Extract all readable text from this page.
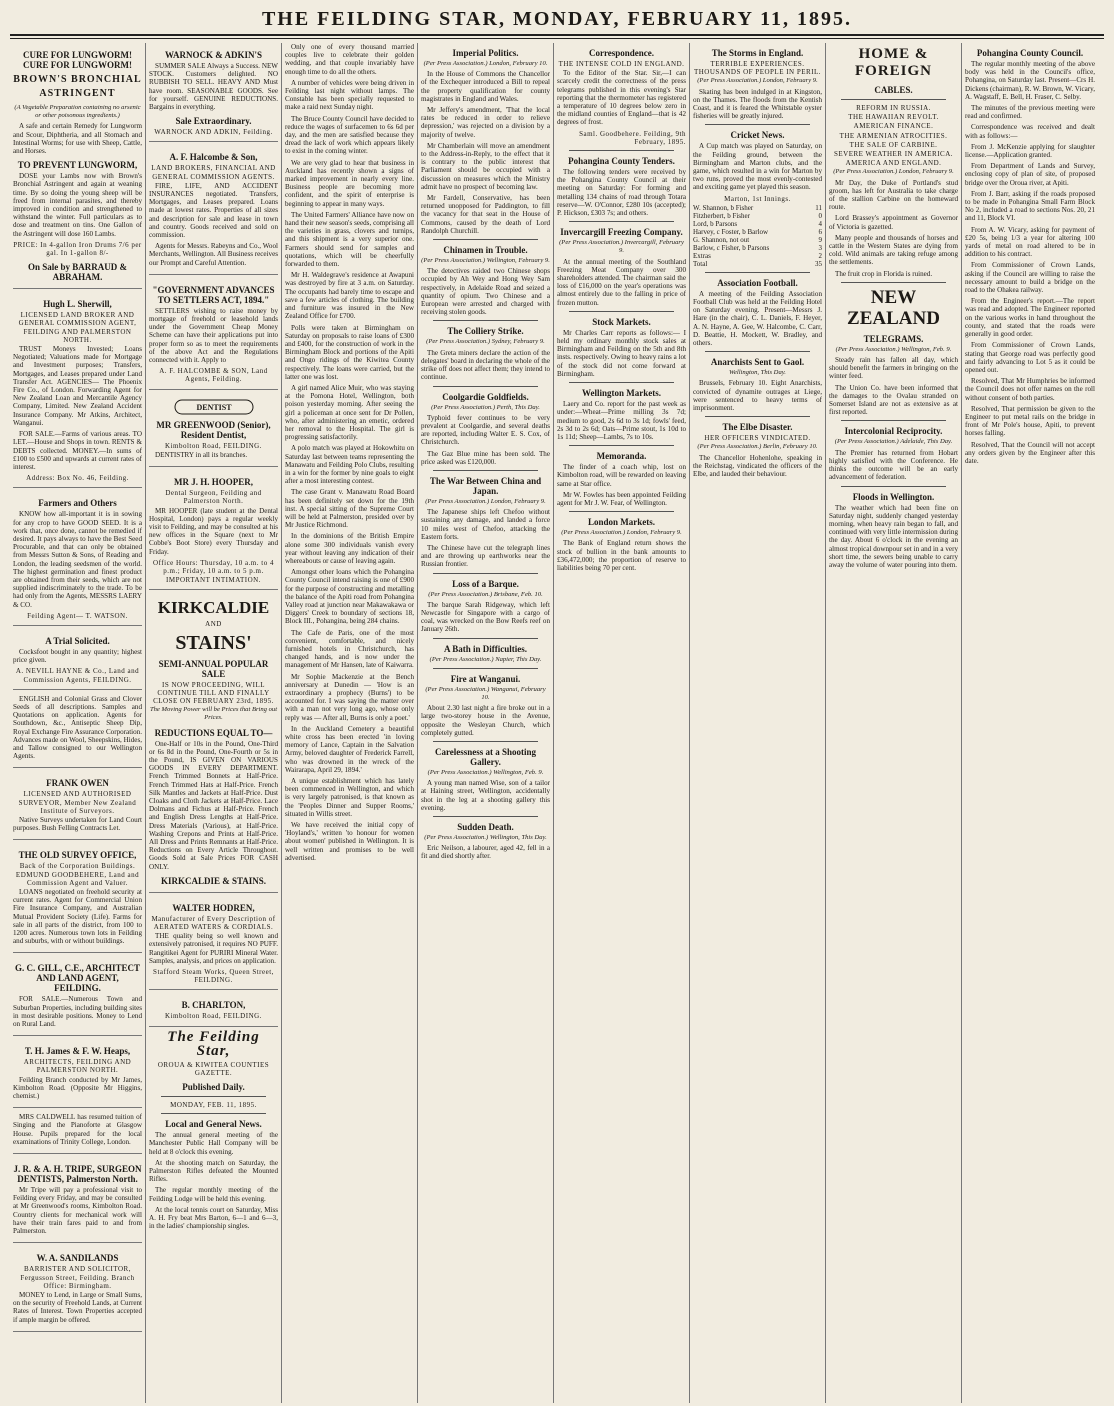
THE FEILDING STAR, MONDAY, FEBRUARY 11, 1895.
CURE FOR LUNGWORM! CURE FOR LUNGWORM!
BROWN'S BRONCHIAL ASTRINGENT
(A Vegetable Preparation containing no arsenic or other poisonous ingredients.)

A safe and certain Remedy for Lungworm and Scour, Diphtheria, and all Stomach and Intestinal Worms; for use with Sheep, Cattle, and Horses.

TO PREVENT LUNGWORM,

DOSE your Lambs now with Brown's Bronchial Astringent and again at weaning time. By so doing the young sheep will be freed from internal parasites, and thereby improved in condition and strengthened to withstand the winter. Full particulars as to dose and treatment on tins. One Gallon of the Astringent will dose 160 Lambs.

PRICE: In 4-gallon Iron Drums 7/6 per gal. In 1-gallon 8/-
On Sale by BARRAUD & ABRAHAM.
Hugh L. Sherwill,
LICENSED LAND BROKER AND GENERAL COMMISSION AGENT, FEILDING AND PALMERSTON NORTH.

TRUST Moneys Invested; Loans Negotiated; Valuations made for Mortgage and Investment purposes; Transfers, Mortgages, and Leases prepared under Land Transfer Act. AGENCIES— The Phoenix Fire Co., of London. Forwarding Agent for New Zealand Loan and Mercantile Agency Company, Limited. New Zealand Accident Insurance Company. Mr Atkins, Architect, Wanganui.

FOR SALE.—Farms of various areas. TO LET.—House and Shops in town. RENTS & DEBTS collected. MONEY.—In sums of £100 to £500 and upwards at current rates of interest.

Address: Box No. 46, Feilding.
Farmers and Others

KNOW how all-important it is in sowing for any crop to have GOOD SEED. It is a work that, once done, cannot be remedied if desired. It pays always to have the Best Seed Procurable, and that can only be obtained from Messrs Sutton & Sons, of Reading and London, the leading seedsmen of the world. The highest germination and finest product are obtained from their seeds, which are not supplied indiscriminately to the trade. To be had only from the Agents, MESSRS LAERY & CO.

Feilding Agent— T. WATSON.
A Trial Solicited.

Cocksfoot bought in any quantity; highest price given.

A. NEVILL HAYNE & Co., Land and Commission Agents, FEILDING.

ENGLISH and Colonial Grass and Clover Seeds of all descriptions. Samples and Quotations on application. Agents for Southdown, &c., Antiseptic Sheep Dip, Royal Exchange Fire Assurance Corporation. Advances made on Wool, Sheepskins, Hides, and Tallow consigned to our Wellington Agents.

FRANK OWEN
LICENSED AND AUTHORISED SURVEYOR, Member New Zealand Institute of Surveyors.

Native Surveys undertaken for Land Court purposes. Bush Felling Contracts Let.

THE OLD SURVEY OFFICE,
Back of the Corporation Buildings. EDMUND GOODBEHERE, Land and Commission Agent and Valuer.

LOANS negotiated on freehold security at current rates. Agent for Commercial Union Fire Insurance Company, and Australian Mutual Provident Society (Life). Farms for sale in all parts of the district, from 100 to 1200 acres. Numerous town lots in Feilding and suburbs, with or without buildings.

G. C. GILL, C.E., ARCHITECT AND LAND AGENT, FEILDING.

FOR SALE.—Numerous Town and Suburban Properties, including building sites in most desirable positions. Money to Lend on Rural Land.

T. H. James & F. W. Heaps,
ARCHITECTS, FEILDING AND PALMERSTON NORTH.

Feilding Branch conducted by Mr James, Kimbolton Road. (Opposite Mr Higgins, chemist.)

MRS CALDWELL has resumed tuition of Singing and the Pianoforte at Glasgow House. Pupils prepared for the local examinations of Trinity College, London.

J. R. & A. H. TRIPE, SURGEON DENTISTS, Palmerston North.

Mr Tripe will pay a professional visit to Feilding every Friday, and may be consulted at Mr Greenwood's rooms, Kimbolton Road. Country clients for mechanical work will have their train fares paid to and from Palmerston.

W. A. SANDILANDS
BARRISTER AND SOLICITOR, Fergusson Street, Feilding. Branch Office: Birmingham.

MONEY to Lend, in Large or Small Sums, on the security of Freehold Lands, at Current Rates of Interest. Town Properties accepted if ample margin be offered.

WARNOCK & ADKIN'S

SUMMER SALE Always a Success. NEW STOCK. Customers delighted. NO RUBBISH TO SELL. HEAVY AND Must have room. SEASONABLE GOODS. See for yourself. GENUINE REDUCTIONS. Bargains in everything.

Sale Extraordinary.
WARNOCK AND ADKIN, Feilding.
A. F. Halcombe & Son,
LAND BROKERS, FINANCIAL AND GENERAL COMMISSION AGENTS.

FIRE, LIFE, AND ACCIDENT INSURANCES negotiated. Transfers, Mortgages, and Leases prepared. Loans made at lowest rates. Properties of all sizes and description for sale and lease in town and country. Goods received and sold on commission.

Agents for Messrs. Rabeyns and Co., Wool Merchants, Wellington. All Business receives our Prompt and Careful Attention.

"GOVERNMENT ADVANCES TO SETTLERS ACT, 1894."

SETTLERS wishing to raise money by mortgage of freehold or leasehold lands under the Government Cheap Money Scheme can have their applications put into proper form so as to meet the requirements of the above Act and the Regulations connected with it. Apply to

A. F. HALCOMBE & SON, Land Agents, Feilding.
DENTIST
MR GREENWOOD (Senior), Resident Dentist,
Kimbolton Road, FEILDING.

DENTISTRY in all its branches.

MR J. H. HOOPER,
Dental Surgeon, Feilding and Palmerston North.

MR HOOPER (late student at the Dental Hospital, London) pays a regular weekly visit to Feilding, and may be consulted at his new offices in the Square (next to Mr Cobbe's Boot Store) every Thursday and Friday.

Office Hours: Thursday, 10 a.m. to 4 p.m.; Friday, 10 a.m. to 5 p.m.
IMPORTANT INTIMATION.
KIRKCALDIE
AND
STAINS'
SEMI-ANNUAL POPULAR SALE
IS NOW PROCEEDING, WILL CONTINUE TILL AND FINALLY CLOSE ON FEBRUARY 23rd, 1895.
The Moving Power will be Prices that Bring out Prices.
REDUCTIONS EQUAL TO—

One-Half or 10s in the Pound, One-Third or 6s 8d in the Pound, One-Fourth or 5s in the Pound, IS GIVEN ON VARIOUS GOODS IN EVERY DEPARTMENT. French Trimmed Bonnets at Half-Price. French Trimmed Hats at Half-Price. French Silk Mantles and Jackets at Half-Price. Dust Cloaks and Cloth Jackets at Half-Price. Lace Dolmans and Fichus at Half-Price. French and English Dress Lengths at Half-Price. Dress Materials (Various), at Half-Price. Washing Crepons and Prints at Half-Price. All Dress and Prints Remnants at Half-Price. Reductions on Every Article Throughout. Goods Sold at Sale Prices FOR CASH ONLY.

KIRKCALDIE & STAINS.
WALTER HODREN,
Manufacturer of Every Description of AERATED WATERS & CORDIALS.

THE quality being so well known and extensively patronised, it requires NO PUFF. Rangitikei Agent for PURIRI Mineral Water. Samples, analysis, and prices on application.

Stafford Steam Works, Queen Street, FEILDING.
B. CHARLTON,
Kimbolton Road, FEILDING.
The Feilding Star,
OROUA & KIWITEA COUNTIES GAZETTE.
Published Daily.
MONDAY, FEB. 11, 1895.
Local and General News.

The annual general meeting of the Manchester Public Hall Company will be held at 8 o'clock this evening.

At the shooting match on Saturday, the Palmerston Rifles defeated the Mounted Rifles.

The regular monthly meeting of the Feilding Lodge will be held this evening.

At the local tennis court on Saturday, Miss A. H. Fry beat Mrs Barton, 6—1 and 6—3, in the ladies' championship singles.

Only one of every thousand married couples live to celebrate their golden wedding, and that couple invariably have enough time to do all the others.

A number of vehicles were being driven in Feilding last night without lamps. The Constable has been specially requested to make a raid next Sunday night.

The Bruce County Council have decided to reduce the wages of surfacemen to 6s 6d per day, and the men are satisfied because they dread the lack of work which appears likely to exist in the coming winter.

We are very glad to hear that business in Auckland has recently shown a signs of marked improvement in nearly every line. Business people are becoming more confident, and the spirit of enterprise is beginning to appear in many ways.

The United Farmers' Alliance have now on hand their new season's seeds, comprising all the varieties in grass, clovers and turnips, and this shipment is a very superior one. Farmers should send for samples and quotations, which will be cheerfully forwarded to them.

Mr H. Waldegrave's residence at Awapuni was destroyed by fire at 3 a.m. on Saturday. The occupants had barely time to escape and save a few articles of clothing. The building and furniture was insured in the New Zealand Office for £700.

Polls were taken at Birmingham on Saturday on proposals to raise loans of £300 and £400, for the construction of work in the Birmingham Block and portions of the Apiti and Ongo ridings of the Kiwitea County respectively. The loans were carried, but the latter one was lost.

A girl named Alice Muir, who was staying at the Pomona Hotel, Wellington, both poison yesterday morning. After seeing the girl a policeman at once sent for Dr Pollen, who, after administering an emetic, ordered her removal to the Hospital. The girl is progressing satisfactorily.

A polo match was played at Hokowhitu on Saturday last between teams representing the Manawatu and Feilding Polo Clubs, resulting in a win for the former by nine goals to eight after a most interesting contest.

The case Grant v. Manawatu Road Board has been definitely set down for the 19th inst. A special sitting of the Supreme Court will be held at Palmerston, presided over by Mr Justice Richmond.

In the dominions of the British Empire alone some 300 individuals vanish every year without leaving any indication of their whereabouts or cause of leaving again.

Amongst other loans which the Pohangina County Council intend raising is one of £900 for the purpose of constructing and metalling the balance of the Apiti road from Pohangina Valley road at junction near Makawakawa or Diggers' Creek to boundary of sections 18, Block III., Pohangina, being 284 chains.

The Cafe de Paris, one of the most convenient, comfortable, and nicely furnished hotels in Christchurch, has changed hands, and is now under the management of Mr Hansen, late of Kaiwarra.

Mr Sophie Mackenzie at the Bench anniversary at Dunedin — 'How is an extraordinary a prophecy (Burns') to be accounted for. I was saying the matter over with a man not very long ago, whose only reply was — After all, Burns is only a poet.'

In the Auckland Cemetery a beautiful white cross has been erected 'in loving memory of Lance, Captain in the Salvation Army, beloved daughter of Frederick Farrell, who was drowned in the wreck of the Wairarapa, April 29, 1894.'

A unique establishment which has lately been commenced in Wellington, and which is very largely patronised, is that known as the 'Peoples Dinner and Supper Rooms,' situated in Willis street.

We have received the initial copy of 'Hoyland's,' written 'to honour for women about women' published in Wellington. It is well written and promises to be well advertised.

Imperial Politics.
(Per Press Association.) London, February 10.

In the House of Commons the Chancellor of the Exchequer introduced a Bill to repeal the property qualification for county magistrates in England and Wales.

Mr Jeffery's amendment, 'That the local rates be reduced in order to relieve depression,' was rejected on a division by a majority of twelve.

Mr Chamberlain will move an amendment to the Address-in-Reply, to the effect that it is contrary to the public interest that Parliament should be occupied with a discussion on measures which the Ministry admit have no prospect of becoming law.

Mr Fardell, Conservative, has been returned unopposed for Paddington, to fill the vacancy for that seat in the House of Commons, caused by the death of Lord Randolph Churchill.

Chinamen in Trouble.
(Per Press Association.) Wellington, February 9.

The detectives raided two Chinese shops occupied by Ah Wey and Hong Wey Sam respectively, in Adelaide Road and seized a quantity of opium. Two Chinese and a European were arrested and charged with receiving stolen goods.

The Colliery Strike.
(Per Press Association.) Sydney, February 9.

The Greta miners declare the action of the delegates' board in declaring the whole of the strike off does not affect them; they intend to continue.

Coolgardie Goldfields.
(Per Press Association.) Perth, This Day.

Typhoid fever continues to be very prevalent at Coolgardie, and several deaths are reported, including Walter E. S. Cox, of Christchurch.

The Gaz Blue mine has been sold. The price asked was £120,000.

The War Between China and Japan.
(Per Press Association.) London, February 9.

The Japanese ships left Chefoo without sustaining any damage, and landed a force 10 miles west of Chefoo, attacking the Eastern forts.

The Chinese have cut the telegraph lines and are throwing up earthworks near the Russian frontier.

Loss of a Barque.
(Per Press Association.) Brisbane, Feb. 10.

The barque Sarah Ridgeway, which left Newcastle for Singapore with a cargo of coal, was wrecked on the Bow Reefs reef on January 26th.

A Bath in Difficulties.
(Per Press Association.) Napier, This Day.
Fire at Wanganui.
(Per Press Association.) Wanganui, February 10.

About 2.30 last night a fire broke out in a large two-storey house in the Avenue, opposite the Wesleyan Church, which completely gutted.

Carelessness at a Shooting Gallery.
(Per Press Association.) Wellington, Feb. 9.

A young man named Wise, son of a tailor at Haining street, Wellington, accidentally shot in the leg at a shooting gallery this evening.

Sudden Death.
(Per Press Association.) Wellington, This Day.

Eric Neilson, a labourer, aged 42, fell in a fit and died shortly after.

Correspondence.
THE INTENSE COLD IN ENGLAND.

To the Editor of the Star. Sir,—I can scarcely credit the correctness of the press telegrams published in this evening's Star reporting that the thermometer has registered a temperature of 10 degrees below zero in the midland counties of England—that is 42 degrees of frost.

Saml. Goodbehere. Feilding, 9th February, 1895.
Pohangina County Tenders.

The following tenders were received by the Pohangina County Council at their meeting on Saturday: For forming and metalling 134 chains of road through Totara reserve—W. O'Connor, £280 10s (accepted); P. Hickson, £303 7s; and others.

Invercargill Freezing Company.
(Per Press Association.) Invercargill, February 9.

At the annual meeting of the Southland Freezing Meat Company over 300 shareholders attended. The chairman said the loss of £16,000 on the year's operations was almost entirely due to the falling in price of frozen mutton.

Stock Markets.

Mr Charles Carr reports as follows:— I held my ordinary monthly stock sales at Birmingham and Feilding on the 5th and 8th insts. respectively. Owing to heavy rains a lot of the stock did not come forward at Birmingham.

Wellington Markets.

Laery and Co. report for the past week as under:—Wheat—Prime milling 3s 7d; medium to good, 2s 6d to 3s 1d; fowls' feed, 2s 3d to 2s 6d; Oats—Prime stout, 1s 10d to 1s 11d; Sheep—Lambs, 7s to 10s.

Memoranda.

The finder of a coach whip, lost on Kimbolton road, will be rewarded on leaving same at Star office.

Mr W. Fowles has been appointed Feilding agent for Mr J. W. Fear, of Wellington.

London Markets.
(Per Press Association.) London, February 9.

The Bank of England return shows the stock of bullion in the bank amounts to £36,472,000; the proportion of reserve to liabilities being 70 per cent.

The Storms in England.
TERRIBLE EXPERIENCES. THOUSANDS OF PEOPLE IN PERIL.
(Per Press Association.) London, February 9.

Skating has been indulged in at Kingston, on the Thames. The floods from the Kentish Coast, and it is feared the Whitstable oyster fisheries will be greatly injured.

Cricket News.

A Cup match was played on Saturday, on the Feilding ground, between the Birmingham and Marton clubs, and the game, which resulted in a win for Marton by two runs, proved the most evenly-contested and exciting game yet played this season.

Marton, 1st Innings.
W. Shannon, b Fisher	11
Fitzherbert, b Fisher	0
Lord, b Parsons	4
Harvey, c Foster, b Barlow	6
G. Shannon, not out	9
Barlow, c Fisher, b Parsons	3
Extras	2
Total	35
Association Football.

A meeting of the Feilding Association Football Club was held at the Feilding Hotel on Saturday evening. Present—Messrs J. Hare (in the chair), C. L. Daniels, F. Heyer, A. N. Hayne, A. Gee, W. Halcombe, C. Carr, D. Beattie, H. Mockett, W. Bradley, and others.

Anarchists Sent to Gaol.
Wellington, This Day.

Brussels, February 10. Eight Anarchists, convicted of dynamite outrages at Liege, were sentenced to heavy terms of imprisonment.

The Elbe Disaster.
HER OFFICERS VINDICATED.
(Per Press Association.) Berlin, February 10.

The Chancellor Hohenlohe, speaking in the Reichstag, vindicated the officers of the Elbe, and lauded their behaviour.

HOME & FOREIGN
CABLES.
REFORM IN RUSSIA.
THE HAWAIIAN REVOLT.
AMERICAN FINANCE.
THE ARMENIAN ATROCITIES.
THE SALE OF CARBINE.
SEVERE WEATHER IN AMERICA.
AMERICA AND ENGLAND.
(Per Press Association.) London, February 9.

Mr Day, the Duke of Portland's stud groom, has left for Australia to take charge of the stallion Carbine on the homeward route.

Lord Brassey's appointment as Governor of Victoria is gazetted.

Many people and thousands of horses and cattle in the Western States are dying from cold. Wild animals are taking refuge among the settlements.

The fruit crop in Florida is ruined.

NEW ZEALAND
TELEGRAMS.
(Per Press Association.) Wellington, Feb. 9.

Steady rain has fallen all day, which should benefit the farmers in bringing on the winter feed.

The Union Co. have been informed that the damages to the Ovalau stranded on Somerset Island are not as extensive as at first reported.

Intercolonial Reciprocity.
(Per Press Association.) Adelaide, This Day.

The Premier has returned from Hobart highly satisfied with the Conference. He thinks the outcome will be an early advancement of federation.

Floods in Wellington.

The weather which had been fine on Saturday night, suddenly changed yesterday morning, when heavy rain began to fall, and continued with very little intermission during the day. About 6 o'clock in the evening an almost tropical downpour set in and in a very short time, the sewers being unable to carry away the volume of water pouring into them.

Pohangina County Council.

The regular monthly meeting of the above body was held in the Council's office, Pohangina, on Saturday last. Present—Crs H. Dickens (chairman), R. W. Brown, W. Vicary, A. Wagstaff, E. Bell, H. Fraser, C. Selby.

The minutes of the previous meeting were read and confirmed.

Correspondence was received and dealt with as follows:—

From J. McKenzie applying for slaughter license.—Application granted.

From Department of Lands and Survey, enclosing copy of plan of site, of proposed bridge over the Oroua river, at Apiti.

From J. Barr, asking if the roads proposed to be made in Pohangina Small Farm Block No 2, included a road to sections Nos. 20, 21 and 11, Block VI.

From A. W. Vicary, asking for payment of £20 5s, being 1/3 a year for altering 100 yards of metal on road altered to be in addition to his contract.

From Commissioner of Crown Lands, asking if the Council are willing to raise the necessary amount to build a bridge on the road to the Ohakea railway.

From the Engineer's report.—The report was read and adopted. The Engineer reported on the various works in hand throughout the county, and stated that the roads were generally in good order.

From Commissioner of Crown Lands, stating that George road was perfectly good and fairly advancing to Lot 5 as it could be opened out.

Resolved, That Mr Humphries be informed the Council does not offer names on the roll without consent of both parties.

Resolved, That permission be given to the Engineer to put metal rails on the bridge in front of Mr Pole's house, Apiti, to prevent horses falling.

Resolved, That the Council will not accept any orders given by the Engineer after this date.
